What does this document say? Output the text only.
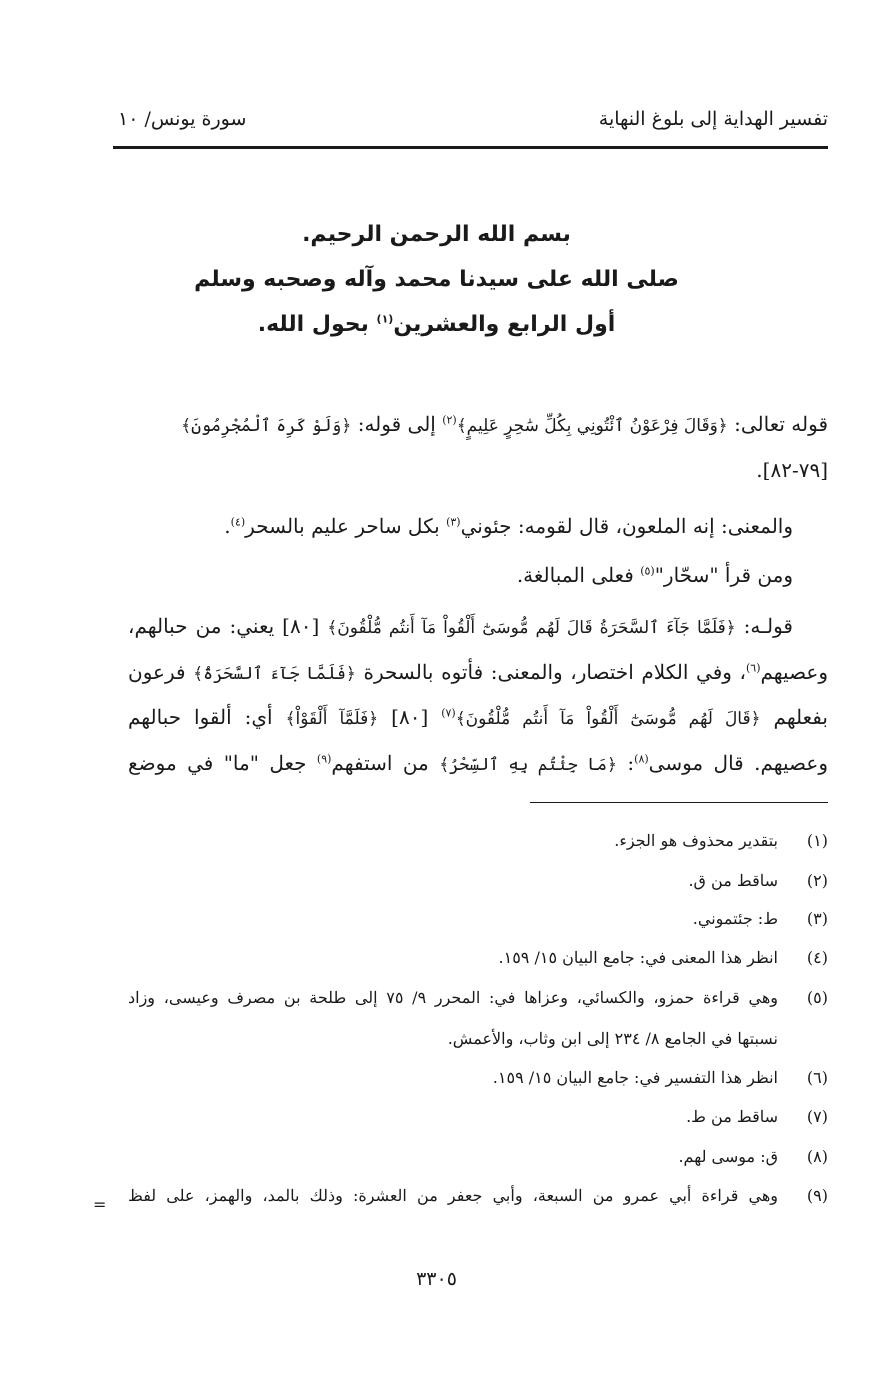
تفسير الهداية إلى بلوغ النهاية
سورة يونس/ ١٠
بسم الله الرحمن الرحيم.
صلى الله على سيدنا محمد وآله وصحبه وسلم
أول الرابع والعشرين$^{(١)}$ بحول الله.
قوله تعالى: ﴿وَقَالَ فِرْعَوْنُ ٱئْتُونِي بِكُلِّ سَٰحِرٍ عَلِيمٍ﴾$^{(٢)}$ إلى قوله: ﴿وَلَوْ كَرِهَ ٱلْمُجْرِمُونَ﴾
[٧٩-٨٢].
والمعنى: إنه الملعون، قال لقومه: جئوني$^{(٣)}$ بكل ساحر عليم بالسحر$^{(٤)}$.
ومن قرأ "سحّار"$^{(٥)}$ فعلى المبالغة.
قولـه: ﴿فَلَمَّا جَآءَ ٱلسَّحَرَةُ قَالَ لَهُم مُّوسَىٰٓ أَلْقُواْ مَآ أَنتُم مُّلْقُونَ﴾ [٨٠] يعني: من حبالهم،
وعصيهم$^{(٦)}$، وفي الكلام اختصار، والمعنى: فأتوه بالسحرة ﴿فَلَمَّا جَآءَ ٱلسَّحَرَةُ﴾ فرعون
بفعلهم ﴿قَالَ لَهُم مُّوسَىٰٓ أَلْقُواْ مَآ أَنتُم مُّلْقُونَ﴾$^{(٧)}$ [٨٠] ﴿فَلَمَّآ أَلْقَوْاْ﴾ أي: ألقوا حبالهم
وعصيهم. قال موسى$^{(٨)}$: ﴿مَا جِئْتُم بِهِ ٱلسِّحْرُ﴾ من استفهم$^{(٩)}$ جعل "ما" في موضع
(١)
بتقدير محذوف هو الجزء.
(٢)
ساقط من ق.
(٣)
ط: جئتموني.
(٤)
انظر هذا المعنى في: جامع البيان ١٥/ ١٥٩.
(٥)
وهي قراءة حمزو، والكسائي، وعزاها في: المحرر ٩/ ٧٥ إلى طلحة بن مصرف وعيسى، وزاد
نسبتها في الجامع ٨/ ٢٣٤ إلى ابن وثاب، والأعمش.
(٦)
انظر هذا التفسير في: جامع البيان ١٥/ ١٥٩.
(٧)
ساقط من ط.
(٨)
ق: موسى لهم.
(٩)
وهي قراءة أبي عمرو من السبعة، وأبي جعفر من العشرة: وذلك بالمد، والهمز، على لفظ
=
٣٣٠٥
